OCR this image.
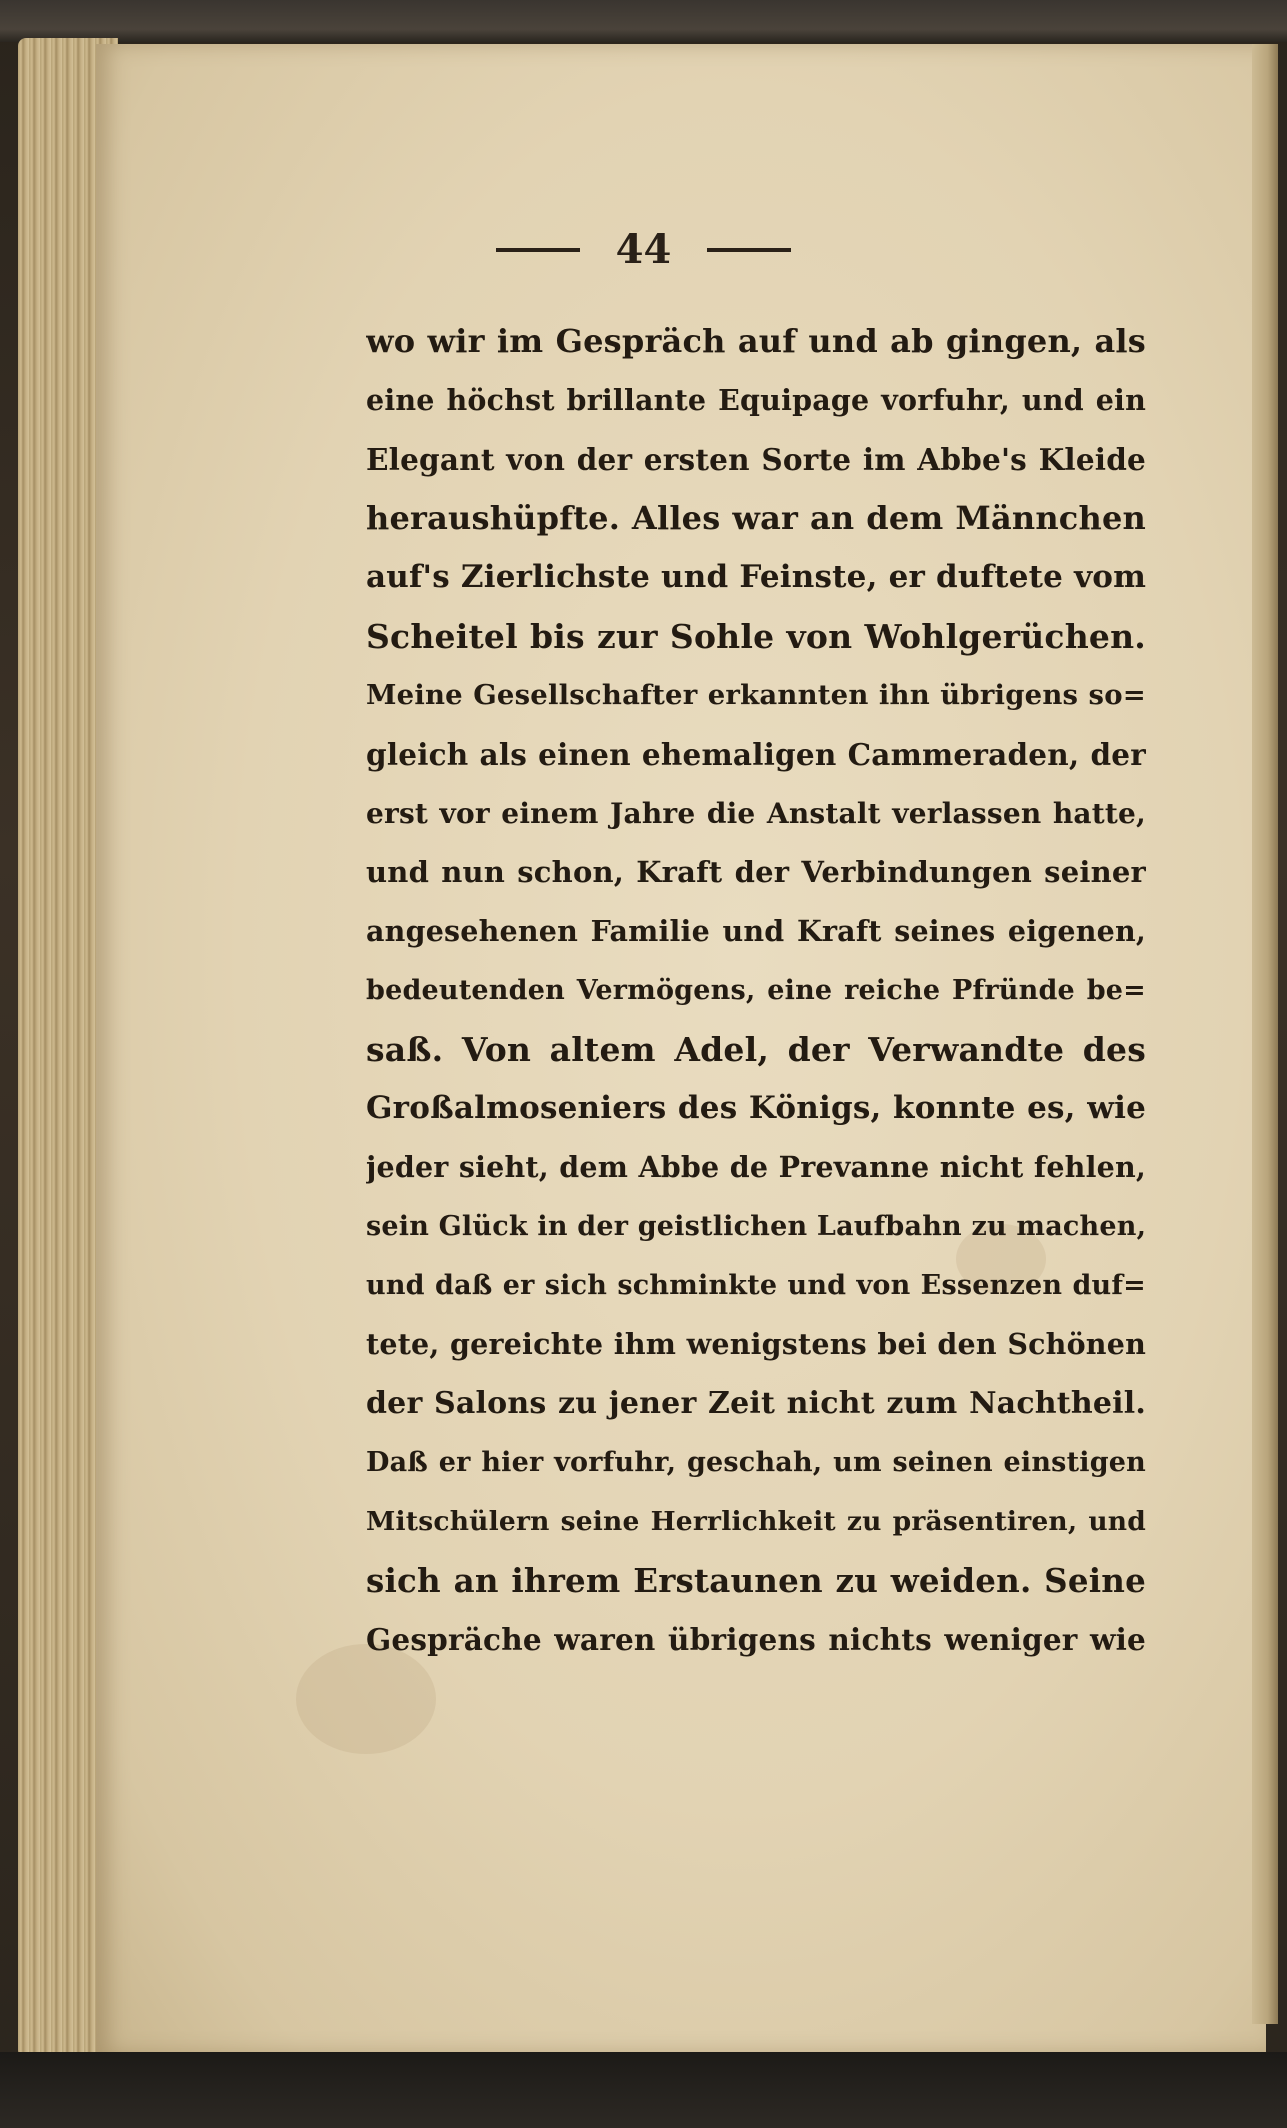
44
wo wir im Gespräch auf und ab gingen, als
eine höchst brillante Equipage vorfuhr, und ein
Elegant von der ersten Sorte im Abbe's Kleide
heraushüpfte. Alles war an dem Männchen
auf's Zierlichste und Feinste, er duftete vom
Scheitel bis zur Sohle von Wohlgerüchen.
Meine Gesellschafter erkannten ihn übrigens so=
gleich als einen ehemaligen Cammeraden, der
erst vor einem Jahre die Anstalt verlassen hatte,
und nun schon, Kraft der Verbindungen seiner
angesehenen Familie und Kraft seines eigenen,
bedeutenden Vermögens, eine reiche Pfründe be=
saß. Von altem Adel, der Verwandte des
Großalmoseniers des Königs, konnte es, wie
jeder sieht, dem Abbe de Prevanne nicht fehlen,
sein Glück in der geistlichen Laufbahn zu machen,
und daß er sich schminkte und von Essenzen duf=
tete, gereichte ihm wenigstens bei den Schönen
der Salons zu jener Zeit nicht zum Nachtheil.
Daß er hier vorfuhr, geschah, um seinen einstigen
Mitschülern seine Herrlichkeit zu präsentiren, und
sich an ihrem Erstaunen zu weiden. Seine
Gespräche waren übrigens nichts weniger wie
